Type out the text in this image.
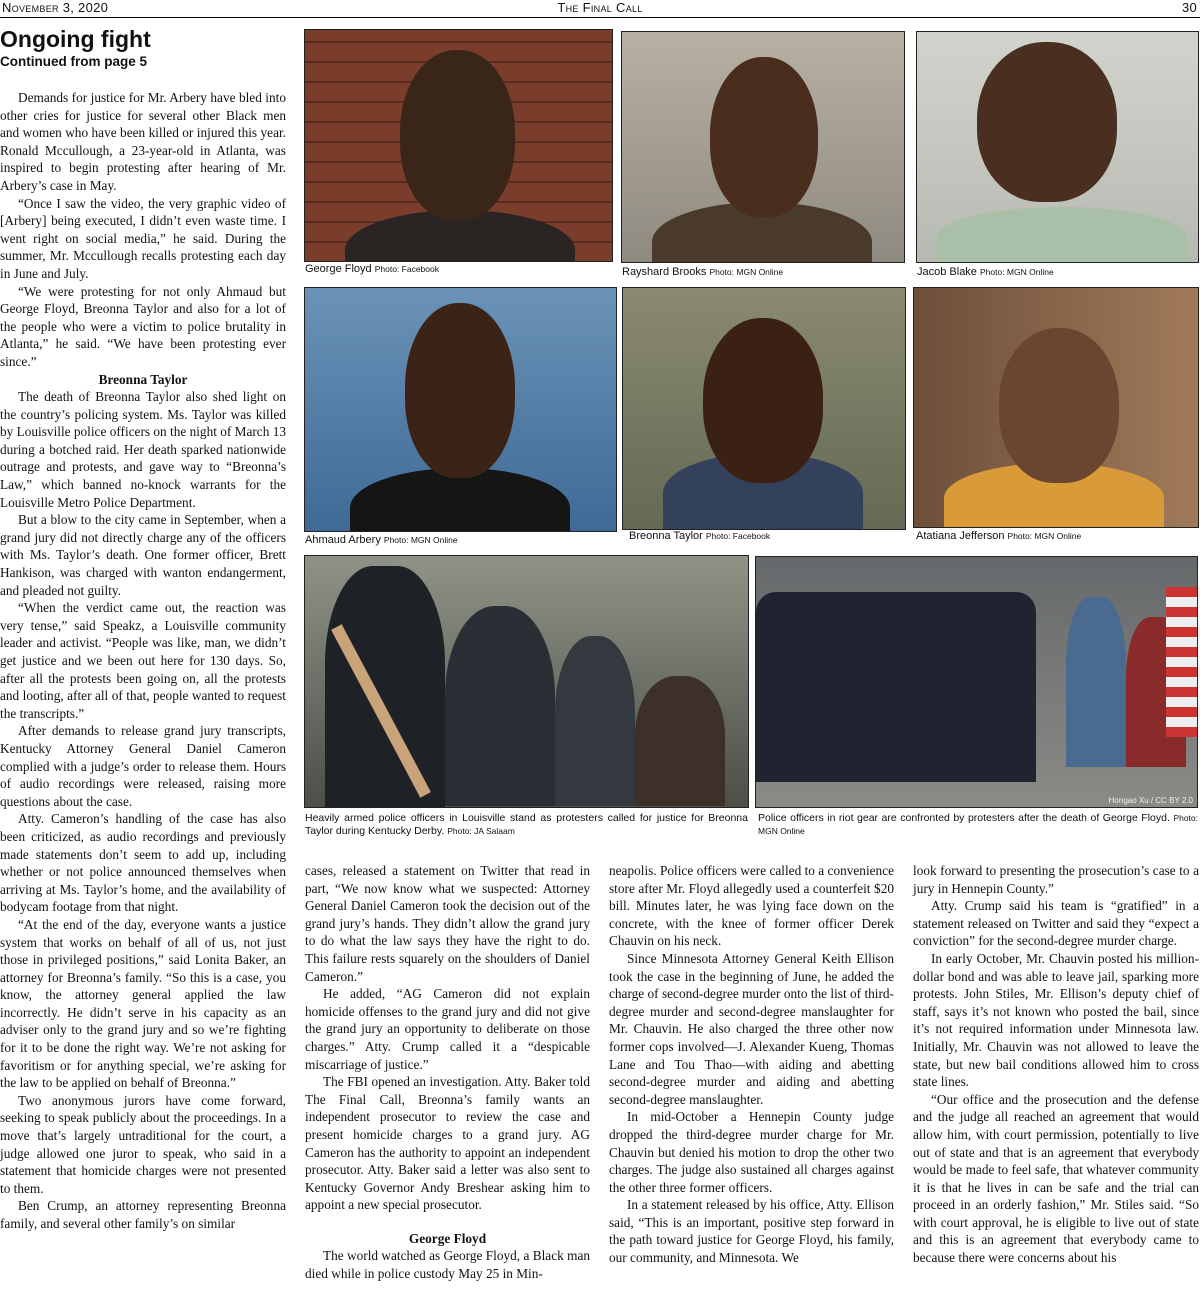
November 3, 2020	The Final Call	30
Ongoing fight
Continued from page 5

Demands for justice for Mr. Arbery have bled into other cries for justice for several other Black men and women who have been killed or injured this year. Ronald Mccullough, a 23-year-old in Atlanta, was inspired to begin protesting after hearing of Mr. Arbery’s case in May.

“Once I saw the video, the very graphic video of [Arbery] being executed, I didn’t even waste time. I went right on social media,” he said. During the summer, Mr. Mccullough recalls protesting each day in June and July.

“We were protesting for not only Ahmaud but George Floyd, Breonna Taylor and also for a lot of the people who were a victim to police brutality in Atlanta,” he said. “We have been protesting ever since.”

Breonna Taylor

The death of Breonna Taylor also shed light on the country’s policing system. Ms. Taylor was killed by Louisville police officers on the night of March 13 during a botched raid. Her death sparked nationwide outrage and protests, and gave way to “Breonna’s Law,” which banned no-knock warrants for the Louisville Metro Police Department.

But a blow to the city came in September, when a grand jury did not directly charge any of the officers with Ms. Taylor’s death. One former officer, Brett Hankison, was charged with wanton endangerment, and pleaded not guilty.

“When the verdict came out, the reaction was very tense,” said Speakz, a Louisville community leader and activist. “People was like, man, we didn’t get justice and we been out here for 130 days. So, after all the protests been going on, all the protests and looting, after all of that, people wanted to request the transcripts.”

After demands to release grand jury transcripts, Kentucky Attorney General Daniel Cameron complied with a judge’s order to release them. Hours of audio recordings were released, raising more questions about the case.

Atty. Cameron’s handling of the case has also been criticized, as audio recordings and previously made statements don’t seem to add up, including whether or not police announced themselves when arriving at Ms. Taylor’s home, and the availability of bodycam footage from that night.

“At the end of the day, everyone wants a justice system that works on behalf of all of us, not just those in privileged positions,” said Lonita Baker, an attorney for Breonna’s family. “So this is a case, you know, the attorney general applied the law incorrectly. He didn’t serve in his capacity as an adviser only to the grand jury and so we’re fighting for it to be done the right way. We’re not asking for favoritism or for anything special, we’re asking for the law to be applied on behalf of Breonna.”

Two anonymous jurors have come forward, seeking to speak publicly about the proceedings. In a move that’s largely untraditional for the court, a judge allowed one juror to speak, who said in a statement that homicide charges were not presented to them.

Ben Crump, an attorney representing Breonna family, and several other family’s on similar

cases, released a statement on Twitter that read in part, “We now know what we suspected: Attorney General Daniel Cameron took the decision out of the grand jury’s hands. They didn’t allow the grand jury to do what the law says they have the right to do. This failure rests squarely on the shoulders of Daniel Cameron.”

He added, “AG Cameron did not explain homicide offenses to the grand jury and did not give the grand jury an opportunity to deliberate on those charges.” Atty. Crump called it a “despicable miscarriage of justice.”

The FBI opened an investigation. Atty. Baker told The Final Call, Breonna’s family wants an independent prosecutor to review the case and present homicide charges to a grand jury. AG Cameron has the authority to appoint an independent prosecutor. Atty. Baker said a letter was also sent to Kentucky Governor Andy Breshear asking him to appoint a new special prosecutor.

George Floyd

The world watched as George Floyd, a Black man died while in police custody May 25 in Min-

neapolis. Police officers were called to a convenience store after Mr. Floyd allegedly used a counterfeit $20 bill. Minutes later, he was lying face down on the concrete, with the knee of former officer Derek Chauvin on his neck.

Since Minnesota Attorney General Keith Ellison took the case in the beginning of June, he added the charge of second-degree murder onto the list of third-degree murder and second-degree manslaughter for Mr. Chauvin. He also charged the three other now former cops involved—J. Alexander Kueng, Thomas Lane and Tou Thao—with aiding and abetting second-degree murder and aiding and abetting second-degree manslaughter.

In mid-October a Hennepin County judge dropped the third-degree murder charge for Mr. Chauvin but denied his motion to drop the other two charges. The judge also sustained all charges against the other three former officers.

In a statement released by his office, Atty. Ellison said, “This is an important, positive step forward in the path toward justice for George Floyd, his family, our community, and Minnesota. We

look forward to presenting the prosecution’s case to a jury in Hennepin County.”

Atty. Crump said his team is “gratified” in a statement released on Twitter and said they “expect a conviction” for the second-degree murder charge.

In early October, Mr. Chauvin posted his million-dollar bond and was able to leave jail, sparking more protests. John Stiles, Mr. Ellison’s deputy chief of staff, says it’s not known who posted the bail, since it’s not required information under Minnesota law. Initially, Mr. Chauvin was not allowed to leave the state, but new bail conditions allowed him to cross state lines.

“Our office and the prosecution and the defense and the judge all reached an agreement that would allow him, with court permission, potentially to live out of state and that is an agreement that everybody would be made to feel safe, that whatever community it is that he lives in can be safe and the trial can proceed in an orderly fashion,” Mr. Stiles said. “So with court approval, he is eligible to live out of state and this is an agreement that everybody came to because there were concerns about his

George Floyd Photo: Facebook	Rayshard Brooks Photo: MGN Online	Jacob Blake Photo: MGN Online
Ahmaud Arbery Photo: MGN Online	Breonna Taylor Photo: Facebook	Atatiana Jefferson Photo: MGN Online
Heavily armed police officers in Louisville stand as protesters called for justice for Breonna Taylor during Kentucky Derby. Photo: JA Salaam
Hongao Xu / CC BY 2.0
Police officers in riot gear are confronted by protesters after the death of George Floyd. Photo: MGN Online
